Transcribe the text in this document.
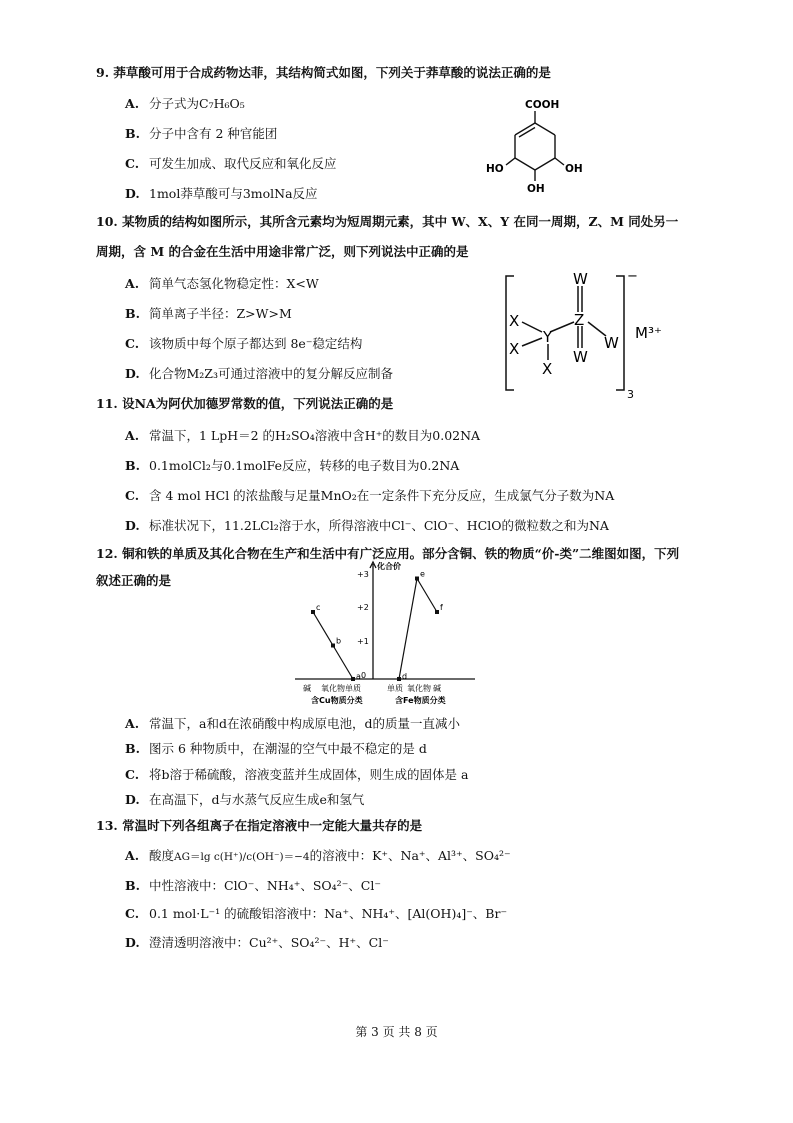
9. 莽草酸可用于合成药物达菲，其结构简式如图，下列关于莽草酸的说法正确的是
A. 分子式为C₇H₆O₅
B. 分子中含有 2 种官能团
C. 可发生加成、取代反应和氧化反应
D. 1mol莽草酸可与3molNa反应
COOH
HO	OH
OH
10. 某物质的结构如图所示，其所含元素均为短周期元素，其中 W、X、Y 在同一周期，Z、M 同处另一
周期，含 M 的合金在生活中用途非常广泛，则下列说法中正确的是
A. 简单气态氢化物稳定性：X<W
B. 简单离子半径：Z>W>M
C. 该物质中每个原子都达到 8e⁻稳定结构
D. 化合物M₂Z₃可通过溶液中的复分解反应制备
W
X
X
Y
Z
X
W
W
−
M³⁺
3
11. 设NA为阿伏加德罗常数的值，下列说法正确的是
A. 常温下，1 LpH＝2 的H₂SO₄溶液中含H⁺的数目为0.02NA
B. 0.1molCl₂与0.1molFe反应，转移的电子数目为0.2NA
C. 含 4 mol HCl 的浓盐酸与足量MnO₂在一定条件下充分反应，生成氯气分子数为NA
D. 标准状况下，11.2LCl₂溶于水，所得溶液中Cl⁻、ClO⁻、HClO的微粒数之和为NA
12. 铜和铁的单质及其化合物在生产和生活中有广泛应用。部分含铜、铁的物质“价-类”二维图如图，下列
叙述正确的是
化合价
+3
+2
+1
0
碱 氧化物 单质
含Cu物质分类
单质 氧化物 碱
含Fe物质分类
c
b
a	d
e
f
A. 常温下，a和d在浓硝酸中构成原电池，d的质量一直减小
B. 图示 6 种物质中，在潮湿的空气中最不稳定的是 d
C. 将b溶于稀硫酸，溶液变蓝并生成固体，则生成的固体是 a
D. 在高温下，d与水蒸气反应生成e和氢气
13. 常温时下列各组离子在指定溶液中一定能大量共存的是
A. 酸度AG＝lg c(H⁺)/c(OH⁻)＝−4的溶液中：K⁺、Na⁺、Al³⁺、SO₄²⁻
B. 中性溶液中：ClO⁻、NH₄⁺、SO₄²⁻、Cl⁻
C. 0.1 mol·L⁻¹ 的硫酸铝溶液中：Na⁺、NH₄⁺、[Al(OH)₄]⁻、Br⁻
D. 澄清透明溶液中：Cu²⁺、SO₄²⁻、H⁺、Cl⁻
第 3 页 共 8 页
